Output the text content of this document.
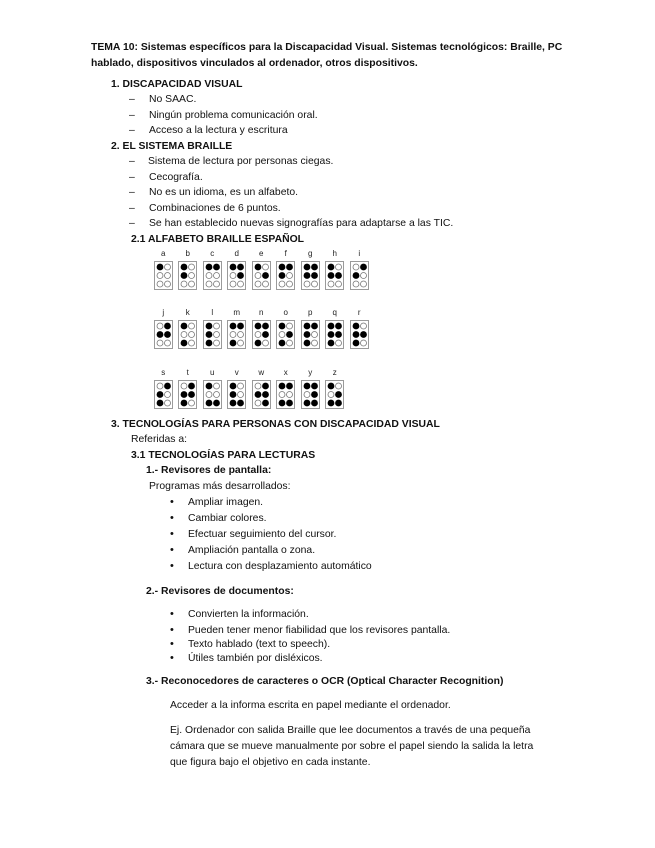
TEMA 10: Sistemas específicos para la Discapacidad Visual. Sistemas tecnológicos: Braille, PC hablado, dispositivos vinculados al ordenador, otros dispositivos.
1. DISCAPACIDAD VISUAL
– No SAAC.
– Ningún problema comunicación oral.
– Acceso a la lectura y escritura
2. EL SISTEMA BRAILLE
– Sistema de lectura por personas ciegas.
– Cecografía.
– No es un idioma, es un alfabeto.
– Combinaciones de 6 puntos.
– Se han establecido nuevas signografías para adaptarse a las TIC.
2.1 ALFABETO BRAILLE ESPAÑOL
a	b	c	d	e	f	g	h	i
j	k	l	m	n	o	p	q	r
s	t	u	v	w	x	y	z
3. TECNOLOGÍAS PARA PERSONAS CON DISCAPACIDAD VISUAL
Referidas a:
3.1 TECNOLOGÍAS PARA LECTURAS
1.- Revisores de pantalla:
Programas más desarrollados:
• Ampliar imagen.
• Cambiar colores.
• Efectuar seguimiento del cursor.
• Ampliación pantalla o zona.
• Lectura con desplazamiento automático
2.- Revisores de documentos:
• Convierten la información.
• Pueden tener menor fiabilidad que los revisores pantalla.
• Texto hablado (text to speech).
• Útiles también por disléxicos.
3.- Reconocedores de caracteres o OCR (Optical Character Recognition)
Acceder a la informa escrita en papel mediante el ordenador.
Ej. Ordenador con salida Braille que lee documentos a través de una pequeña
cámara que se mueve manualmente por sobre el papel siendo la salida la letra
que figura bajo el objetivo en cada instante.
